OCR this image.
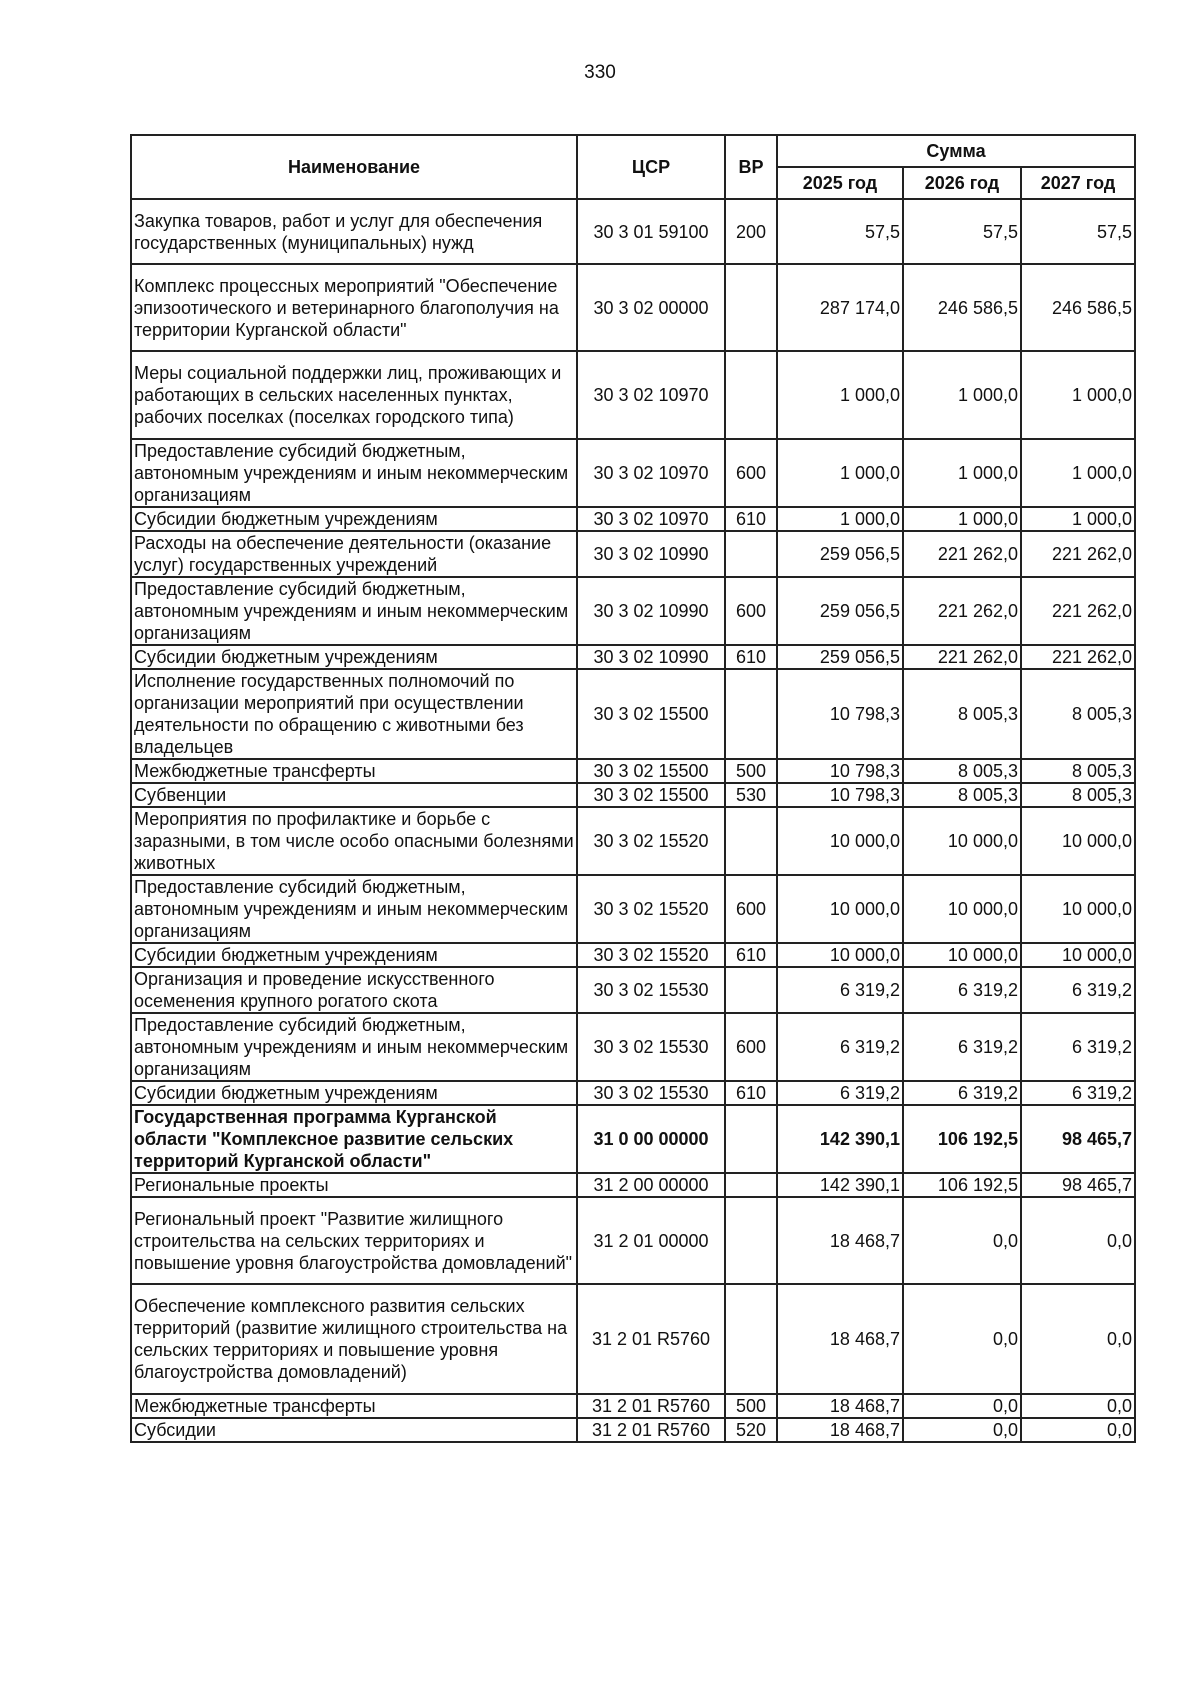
330
Наименование	ЦСР	ВР	Сумма		
			2025 год	2026 год	2027 год
Закупка товаров, работ и услуг для обеспечения государственных (муниципальных) нужд	30 3 01 59100	200	57,5	57,5	57,5
Комплекс процессных мероприятий "Обеспечение эпизоотического и ветеринарного благополучия на территории Курганской области"	30 3 02 00000		287 174,0	246 586,5	246 586,5
Меры социальной поддержки лиц, проживающих и работающих в сельских населенных пунктах, рабочих поселках (поселках городского типа)	30 3 02 10970		1 000,0	1 000,0	1 000,0
Предоставление субсидий бюджетным, автономным учреждениям и иным некоммерческим организациям	30 3 02 10970	600	1 000,0	1 000,0	1 000,0
Субсидии бюджетным учреждениям	30 3 02 10970	610	1 000,0	1 000,0	1 000,0
Расходы на обеспечение деятельности (оказание услуг) государственных учреждений	30 3 02 10990		259 056,5	221 262,0	221 262,0
Предоставление субсидий бюджетным, автономным учреждениям и иным некоммерческим организациям	30 3 02 10990	600	259 056,5	221 262,0	221 262,0
Субсидии бюджетным учреждениям	30 3 02 10990	610	259 056,5	221 262,0	221 262,0
Исполнение государственных полномочий по организации мероприятий при осуществлении деятельности по обращению с животными без владельцев	30 3 02 15500		10 798,3	8 005,3	8 005,3
Межбюджетные трансферты	30 3 02 15500	500	10 798,3	8 005,3	8 005,3
Субвенции	30 3 02 15500	530	10 798,3	8 005,3	8 005,3
Мероприятия по профилактике и борьбе с заразными, в том числе особо опасными болезнями животных	30 3 02 15520		10 000,0	10 000,0	10 000,0
Предоставление субсидий бюджетным, автономным учреждениям и иным некоммерческим организациям	30 3 02 15520	600	10 000,0	10 000,0	10 000,0
Субсидии бюджетным учреждениям	30 3 02 15520	610	10 000,0	10 000,0	10 000,0
Организация и проведение искусственного осеменения крупного рогатого скота	30 3 02 15530		6 319,2	6 319,2	6 319,2
Предоставление субсидий бюджетным, автономным учреждениям и иным некоммерческим организациям	30 3 02 15530	600	6 319,2	6 319,2	6 319,2
Субсидии бюджетным учреждениям	30 3 02 15530	610	6 319,2	6 319,2	6 319,2
Государственная программа Курганской области "Комплексное развитие сельских территорий Курганской области"	31 0 00 00000		142 390,1	106 192,5	98 465,7
Региональные проекты	31 2 00 00000		142 390,1	106 192,5	98 465,7
Региональный проект "Развитие жилищного строительства на сельских территориях и повышение уровня благоустройства домовладений"	31 2 01 00000		18 468,7	0,0	0,0
Обеспечение комплексного развития сельских территорий (развитие жилищного строительства на сельских территориях и повышение уровня благоустройства домовладений)	31 2 01 R5760		18 468,7	0,0	0,0
Межбюджетные трансферты	31 2 01 R5760	500	18 468,7	0,0	0,0
Субсидии	31 2 01 R5760	520	18 468,7	0,0	0,0
